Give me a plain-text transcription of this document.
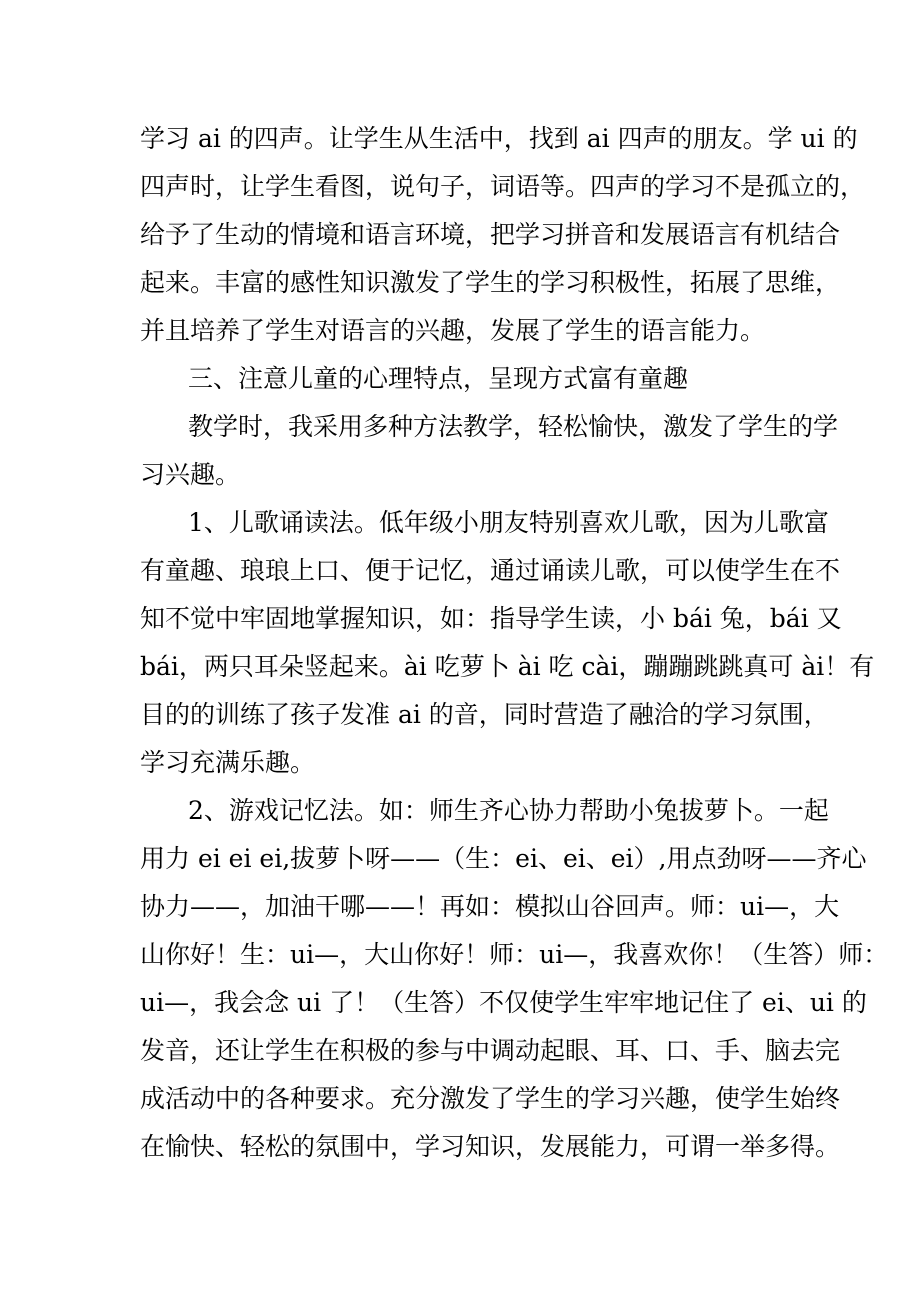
学习 ai 的四声。让学生从生活中，找到 ai 四声的朋友。学 ui 的
四声时，让学生看图，说句子，词语等。四声的学习不是孤立的，
给予了生动的情境和语言环境，把学习拼音和发展语言有机结合
起来。丰富的感性知识激发了学生的学习积极性，拓展了思维，
并且培养了学生对语言的兴趣，发展了学生的语言能力。
三、注意儿童的心理特点，呈现方式富有童趣
教学时，我采用多种方法教学，轻松愉快，激发了学生的学
习兴趣。
1、儿歌诵读法。低年级小朋友特别喜欢儿歌，因为儿歌富
有童趣、琅琅上口、便于记忆，通过诵读儿歌，可以使学生在不
知不觉中牢固地掌握知识，如：指导学生读，小 bái 兔，bái 又
bái，两只耳朵竖起来。ài 吃萝卜 ài 吃 cài，蹦蹦跳跳真可 ài！有
目的的训练了孩子发准 ai 的音，同时营造了融洽的学习氛围，
学习充满乐趣。
2、游戏记忆法。如：师生齐心协力帮助小兔拔萝卜。一起
用力 ei ei ei,拔萝卜呀——（生：ei、ei、ei）,用点劲呀——齐心
协力——，加油干哪——！再如：模拟山谷回声。师：ui—，大
山你好！生：ui—，大山你好！师：ui—，我喜欢你！（生答）师：
ui—，我会念 ui 了！（生答）不仅使学生牢牢地记住了 ei、ui 的
发音，还让学生在积极的参与中调动起眼、耳、口、手、脑去完
成活动中的各种要求。充分激发了学生的学习兴趣，使学生始终
在愉快、轻松的氛围中，学习知识，发展能力，可谓一举多得。
